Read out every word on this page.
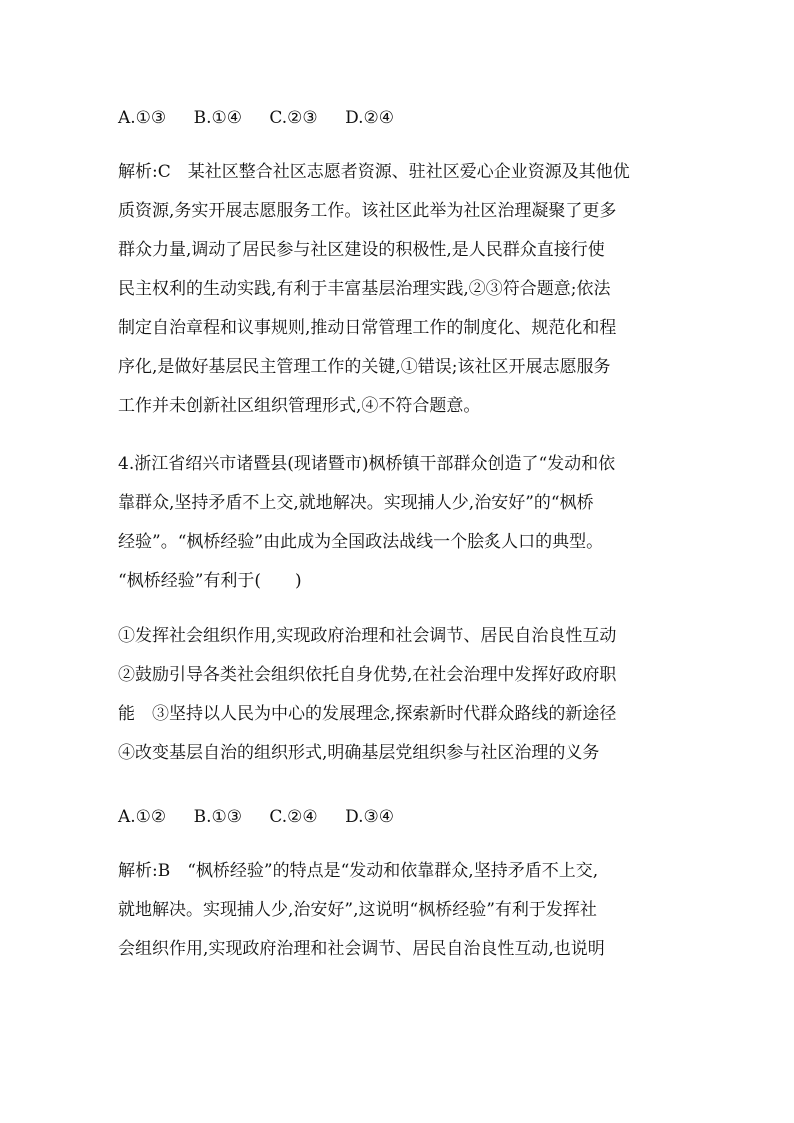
A.①③ B.①④ C.②③ D.②④
解析:C　某社区整合社区志愿者资源、驻社区爱心企业资源及其他优
质资源,务实开展志愿服务工作。该社区此举为社区治理凝聚了更多
群众力量,调动了居民参与社区建设的积极性,是人民群众直接行使
民主权利的生动实践,有利于丰富基层治理实践,②③符合题意;依法
制定自治章程和议事规则,推动日常管理工作的制度化、规范化和程
序化,是做好基层民主管理工作的关键,①错误;该社区开展志愿服务
工作并未创新社区组织管理形式,④不符合题意。
4.浙江省绍兴市诸暨县(现诸暨市)枫桥镇干部群众创造了“发动和依
靠群众,坚持矛盾不上交,就地解决。实现捕人少,治安好”的“枫桥
经验”。“枫桥经验”由此成为全国政法战线一个脍炙人口的典型。
“枫桥经验”有利于(　　)
①发挥社会组织作用,实现政府治理和社会调节、居民自治良性互动
②鼓励引导各类社会组织依托自身优势,在社会治理中发挥好政府职
能　③坚持以人民为中心的发展理念,探索新时代群众路线的新途径
④改变基层自治的组织形式,明确基层党组织参与社区治理的义务
A.①② B.①③ C.②④ D.③④
解析:B　“枫桥经验”的特点是“发动和依靠群众,坚持矛盾不上交,
就地解决。实现捕人少,治安好”,这说明“枫桥经验”有利于发挥社
会组织作用,实现政府治理和社会调节、居民自治良性互动,也说明
